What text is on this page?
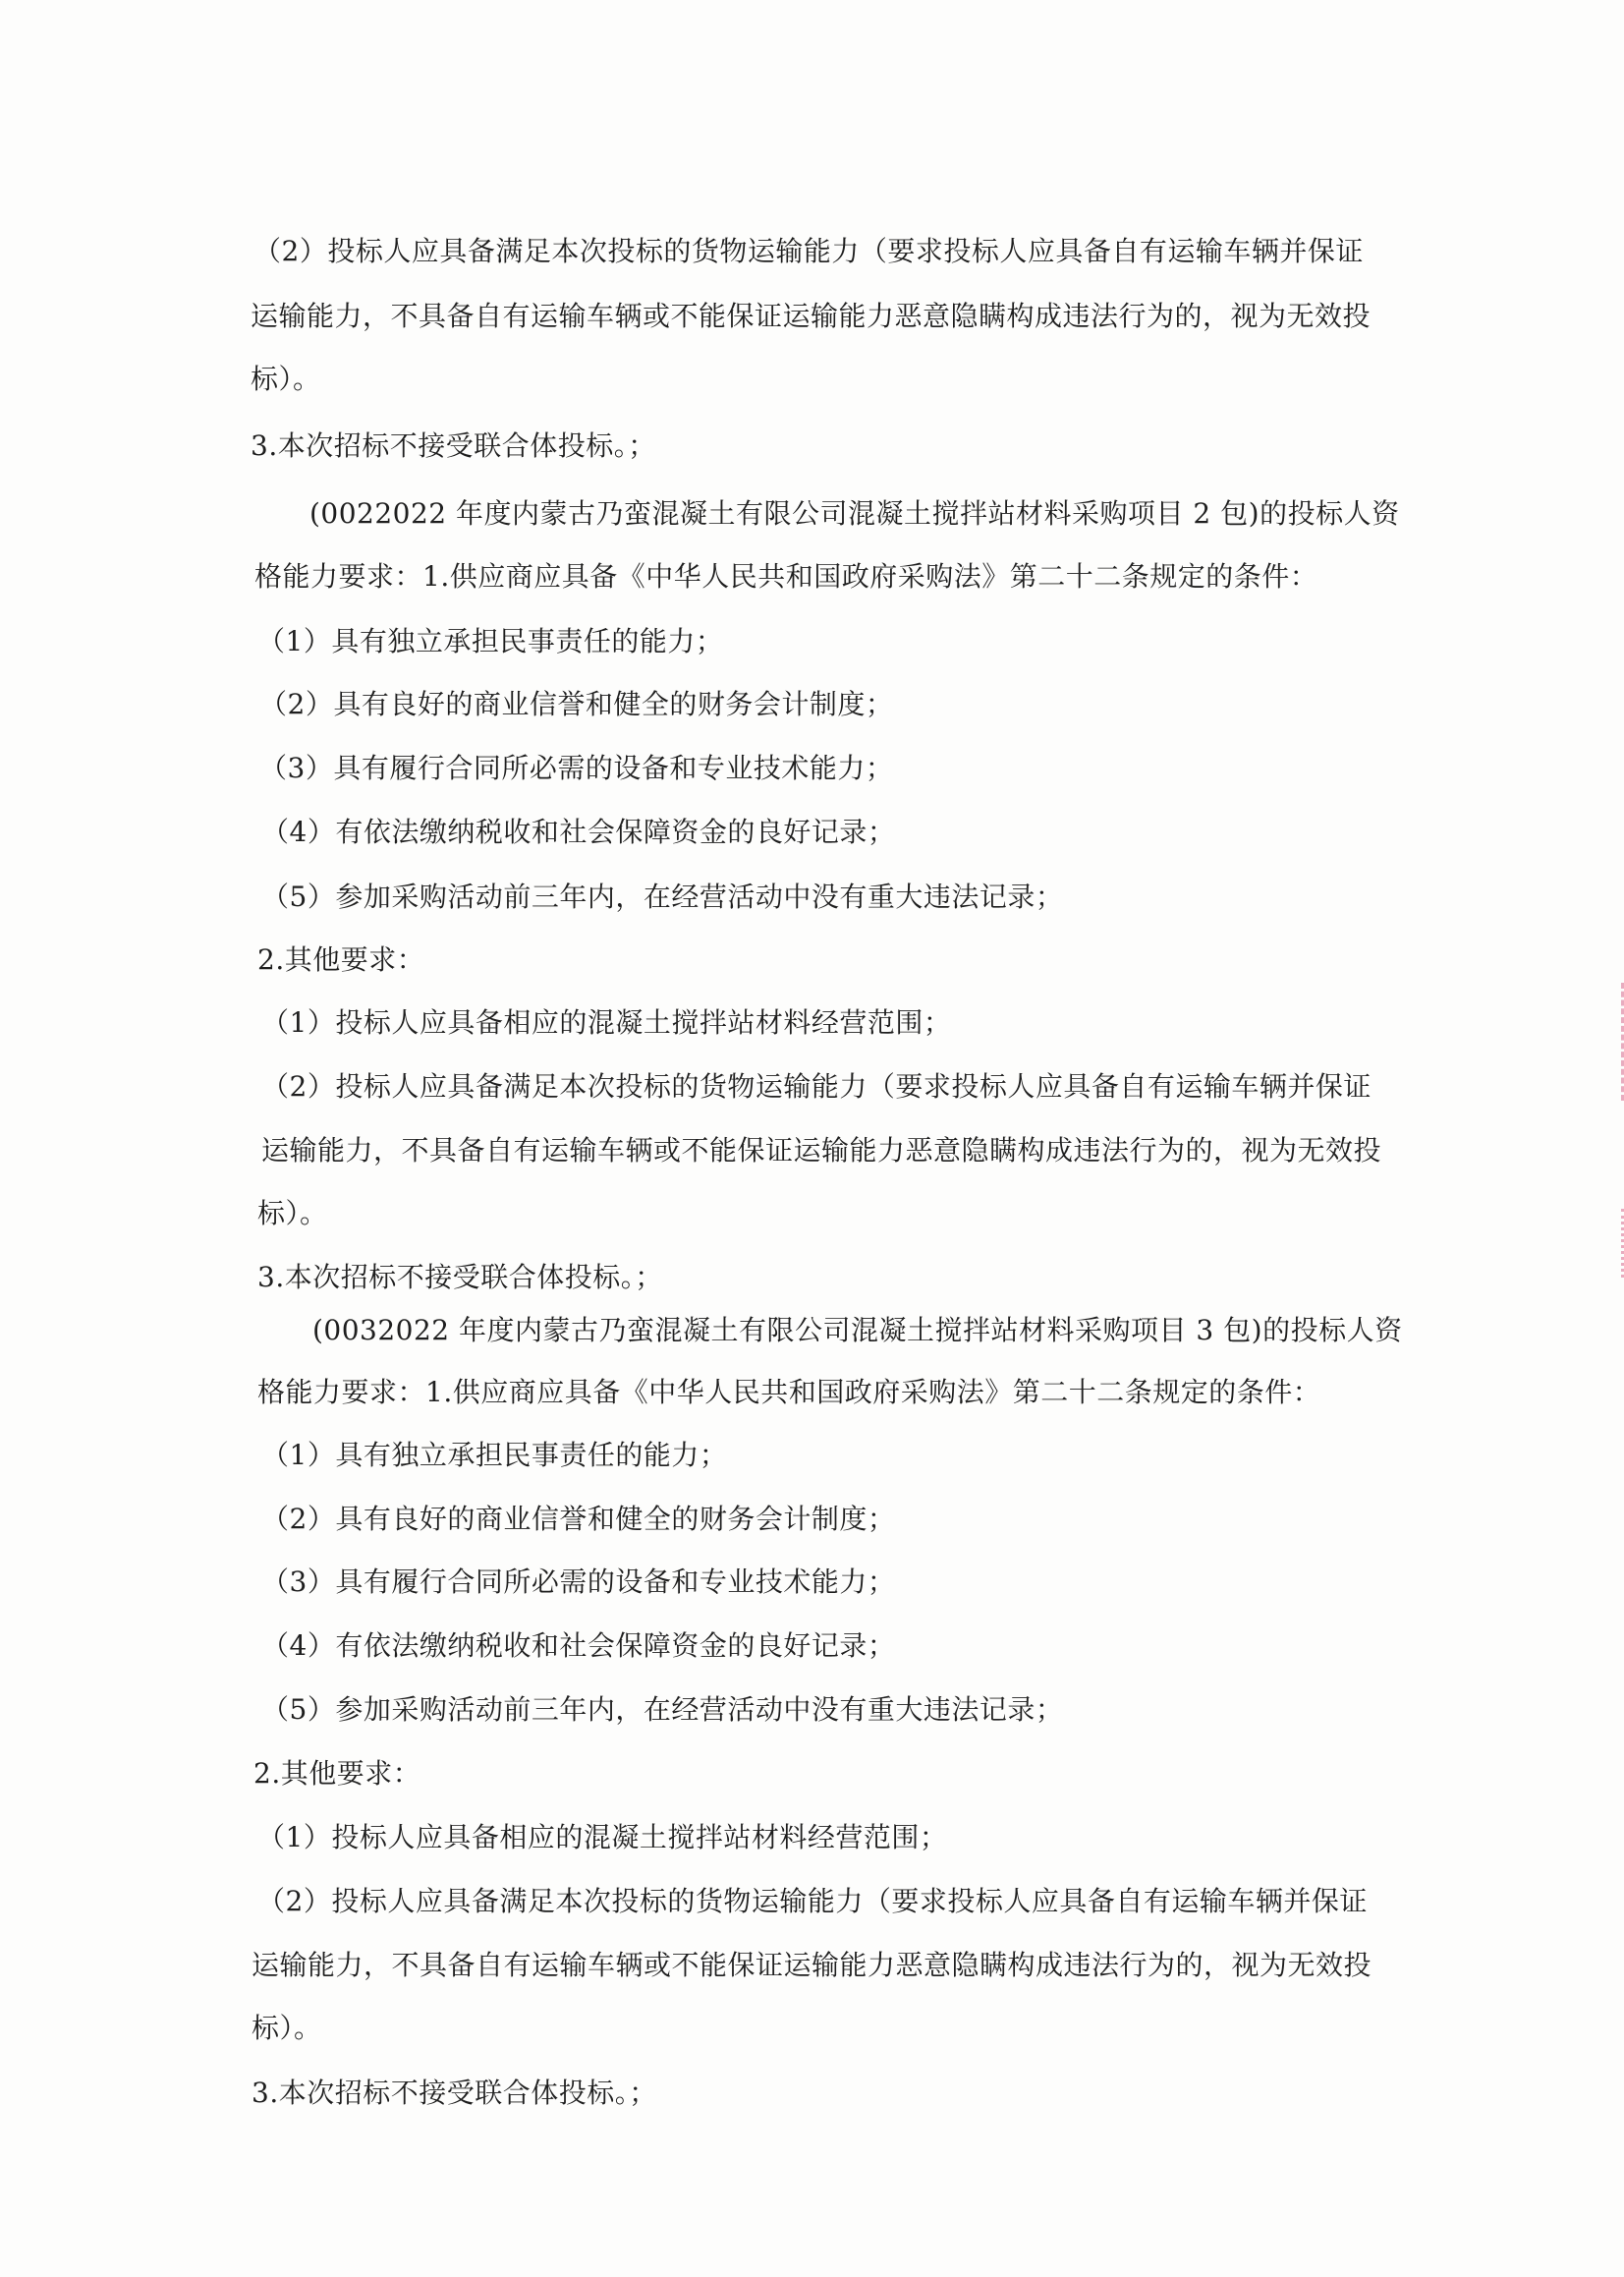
（2）投标人应具备满足本次投标的货物运输能力（要求投标人应具备自有运输车辆并保证
运输能力，不具备自有运输车辆或不能保证运输能力恶意隐瞒构成违法行为的，视为无效投
标）。
3.本次招标不接受联合体投标。；
(0022022 年度内蒙古乃蛮混凝土有限公司混凝土搅拌站材料采购项目 2 包)的投标人资
格能力要求：1.供应商应具备《中华人民共和国政府采购法》第二十二条规定的条件：
（1）具有独立承担民事责任的能力；
（2）具有良好的商业信誉和健全的财务会计制度；
（3）具有履行合同所必需的设备和专业技术能力；
（4）有依法缴纳税收和社会保障资金的良好记录；
（5）参加采购活动前三年内，在经营活动中没有重大违法记录；
2.其他要求：
（1）投标人应具备相应的混凝土搅拌站材料经营范围；
（2）投标人应具备满足本次投标的货物运输能力（要求投标人应具备自有运输车辆并保证
运输能力，不具备自有运输车辆或不能保证运输能力恶意隐瞒构成违法行为的，视为无效投
标）。
3.本次招标不接受联合体投标。；
(0032022 年度内蒙古乃蛮混凝土有限公司混凝土搅拌站材料采购项目 3 包)的投标人资
格能力要求：1.供应商应具备《中华人民共和国政府采购法》第二十二条规定的条件：
（1）具有独立承担民事责任的能力；
（2）具有良好的商业信誉和健全的财务会计制度；
（3）具有履行合同所必需的设备和专业技术能力；
（4）有依法缴纳税收和社会保障资金的良好记录；
（5）参加采购活动前三年内，在经营活动中没有重大违法记录；
2.其他要求：
（1）投标人应具备相应的混凝土搅拌站材料经营范围；
（2）投标人应具备满足本次投标的货物运输能力（要求投标人应具备自有运输车辆并保证
运输能力，不具备自有运输车辆或不能保证运输能力恶意隐瞒构成违法行为的，视为无效投
标）。
3.本次招标不接受联合体投标。；
